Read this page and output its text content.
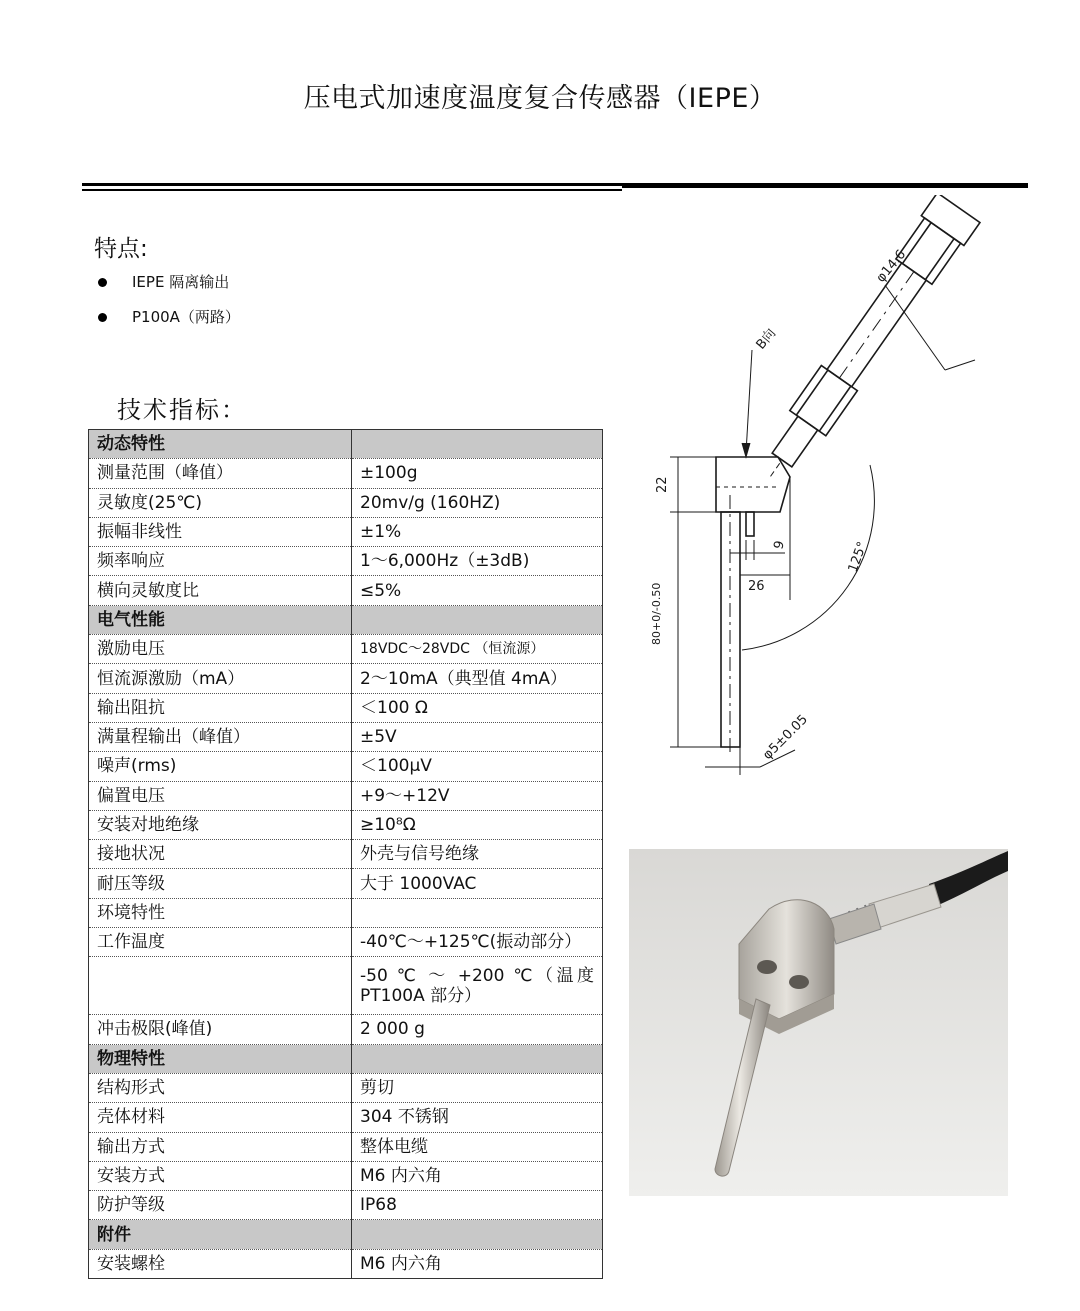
压电式加速度温度复合传感器（IEPE）
特点:
IEPE 隔离输出
P100A（两路）
技术指标：
动态特性	
测量范围（峰值）	±100g
灵敏度(25℃)	20mv/g (160HZ)
振幅非线性	±1%
频率响应	1～6,000Hz（±3dB)
横向灵敏度比	≤5%
电气性能	
激励电压	18VDC～28VDC （恒流源）
恒流源激励（mA）	2～10mA（典型值 4mA）
输出阻抗	＜100 Ω
满量程输出（峰值）	±5V
噪声(rms)	＜100μV
偏置电压	+9～+12V
安装对地绝缘	≥10⁸Ω
接地状况	外壳与信号绝缘
耐压等级	大于 1000VAC
环境特性	
工作温度	-40℃～+125℃(振动部分）
	-50 ℃ ～ +200 ℃（温度 PT100A 部分）
冲击极限(峰值)	2 000 g
物理特性	
结构形式	剪切
壳体材料	304 不锈钢
输出方式	整体电缆
安装方式	M6 内六角
防护等级	IP68
附件	
安装螺栓	M6 内六角
φ14.6
B向
22
9
26
125°
80+0/-0.50
φ5±0.05
